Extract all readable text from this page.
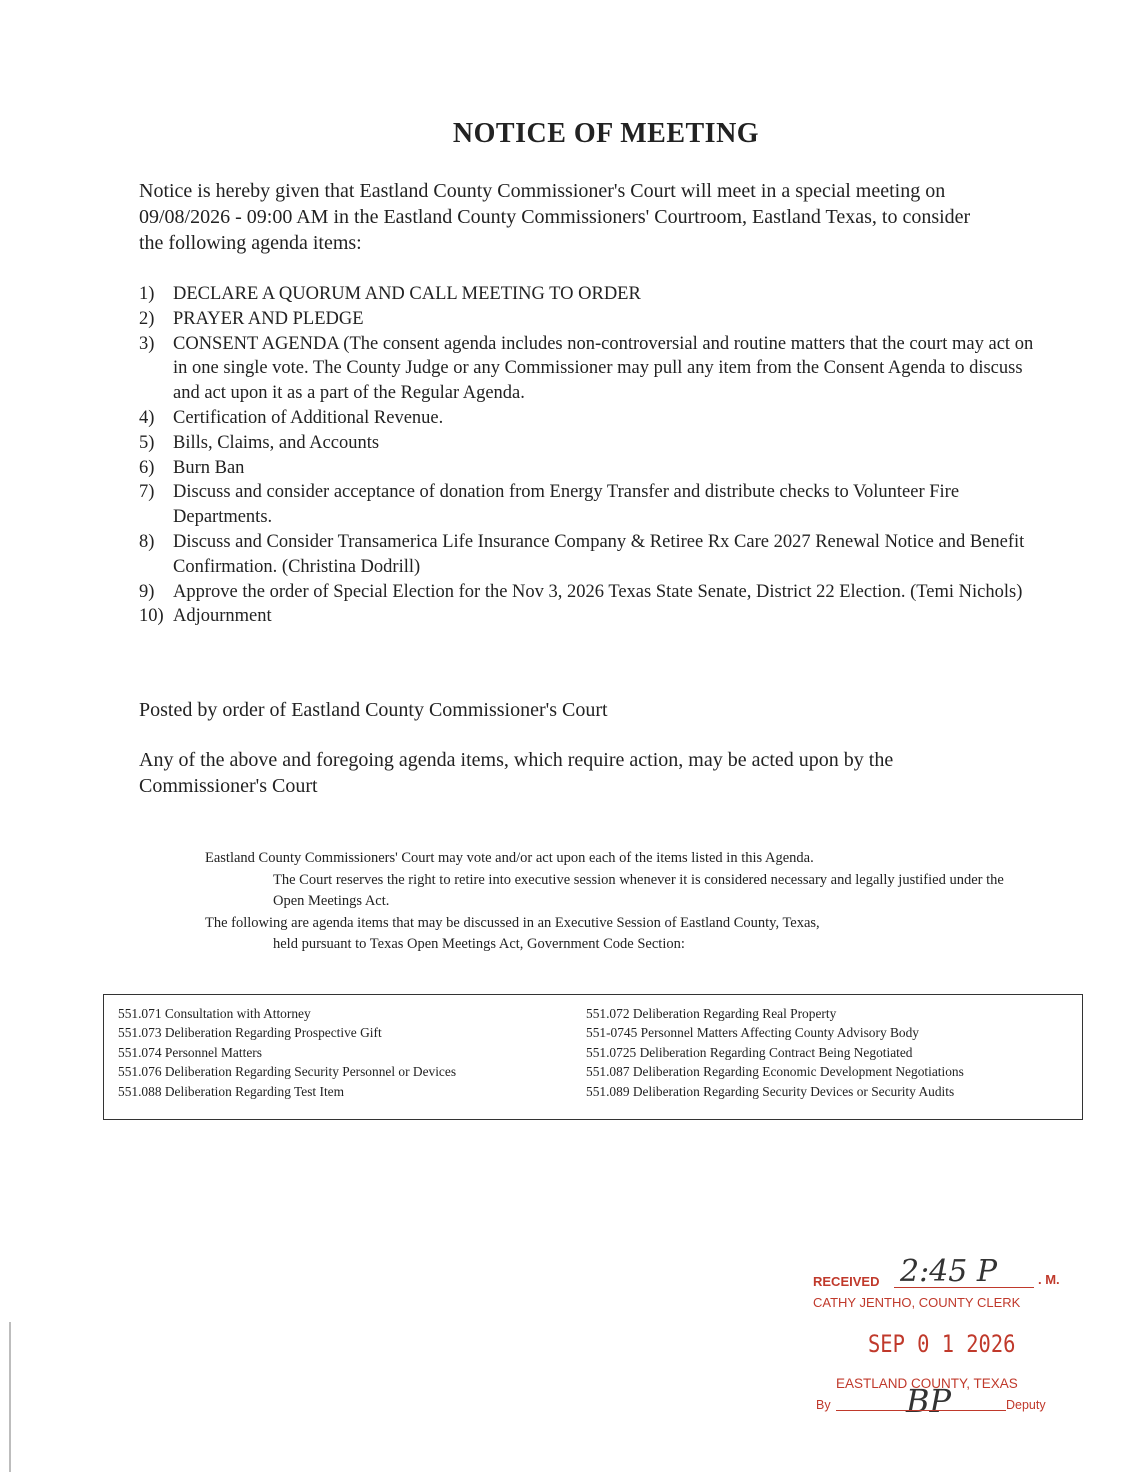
NOTICE OF MEETING
Notice is hereby given that Eastland County Commissioner's Court will meet in a special meeting on 09/08/2026 - 09:00 AM in the Eastland County Commissioners' Courtroom, Eastland Texas, to consider the following agenda items:
1) DECLARE A QUORUM AND CALL MEETING TO ORDER
2) PRAYER AND PLEDGE
3) CONSENT AGENDA (The consent agenda includes non-controversial and routine matters that the court may act on in one single vote. The County Judge or any Commissioner may pull any item from the Consent Agenda to discuss and act upon it as a part of the Regular Agenda.
4) Certification of Additional Revenue.
5) Bills, Claims, and Accounts
6) Burn Ban
7) Discuss and consider acceptance of donation from Energy Transfer and distribute checks to Volunteer Fire Departments.
8) Discuss and Consider Transamerica Life Insurance Company & Retiree Rx Care 2027 Renewal Notice and Benefit Confirmation. (Christina Dodrill)
9) Approve the order of Special Election for the Nov 3, 2026 Texas State Senate, District 22 Election. (Temi Nichols)
10) Adjournment
Posted by order of Eastland County Commissioner's Court
Any of the above and foregoing agenda items, which require action, may be acted upon by the Commissioner's Court

Eastland County Commissioners' Court may vote and/or act upon each of the items listed in this Agenda.
The Court reserves the right to retire into executive session whenever it is considered necessary and legally justified under the Open Meetings Act.

The following are agenda items that may be discussed in an Executive Session of Eastland County, Texas,
held pursuant to Texas Open Meetings Act, Government Code Section:

551.071 Consultation with Attorney
551.073 Deliberation Regarding Prospective Gift
551.074 Personnel Matters
551.076 Deliberation Regarding Security Personnel or Devices
551.088 Deliberation Regarding Test Item
551.072 Deliberation Regarding Real Property
551-0745 Personnel Matters Affecting County Advisory Body
551.0725 Deliberation Regarding Contract Being Negotiated
551.087 Deliberation Regarding Economic Development Negotiations
551.089 Deliberation Regarding Security Devices or Security Audits
RECEIVED 2:45 P	. M.
CATHY JENTHO, COUNTY CLERK
SEP 0 1 2026
BP
EASTLAND COUNTY, TEXAS
By	Deputy
